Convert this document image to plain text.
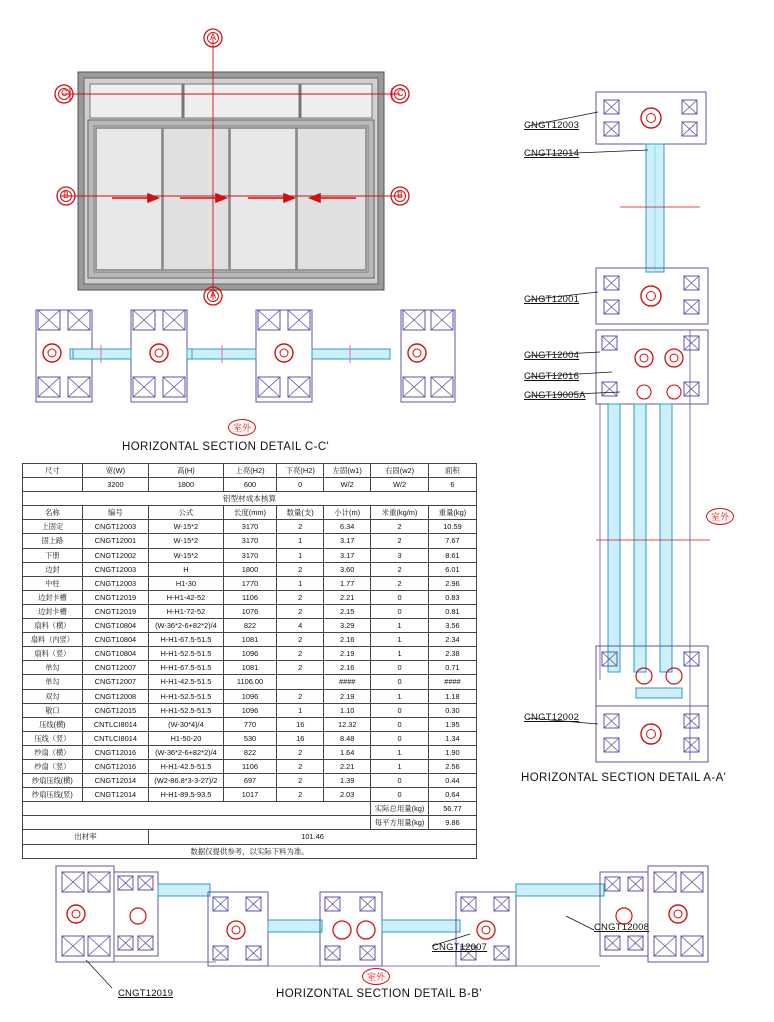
A
A
B	B
C	C
CNGT12003
CNGT12014
CNGT12001
CNGT12004
CNGT12016
CNGT19005A
CNGT12002
CNGT12019
CNGT12007
CNGT12008
室外
室外
室外
HORIZONTAL SECTION DETAIL C-C'
HORIZONTAL SECTION DETAIL A-A'
HORIZONTAL SECTION DETAIL B-B'
尺寸	宽(W)	高(H)	上亮(H2)	下亮(H2)	左固(w1)	右固(w2)	面积
	3200	1800	600	0	W/2	W/2	6
铝型材成本核算							
名称	编号	公式	长度(mm)	数量(支)	小计(m)	米重(kg/m)	重量(kg)
上固定	CNGT12003	W-15*2	3170	2	6.34	2	10.59
固上路	CNGT12001	W-15*2	3170	1	3.17	2	7.67
下册	CNGT12002	W-15*2	3170	1	3.17	3	8.61
边封	CNGT12003	H	1800	2	3.60	2	6.01
中柱	CNGT12003	H1-30	1770	1	1.77	2	2.96
边封卡槽	CNGT12019	H-H1-42-52	1106	2	2.21	0	0.83
边封卡槽	CNGT12019	H-H1-72-52	1076	2	2.15	0	0.81
扇料（横）	CNGT10804	(W-36*2-6+82*2)/4	822	4	3.29	1	3.56
扇料（内竖）	CNGT10804	H-H1-67.5-51.5	1081	2	2.16	1	2.34
扇料（竖）	CNGT10804	H-H1-52.5-51.5	1096	2	2.19	1	2.38
单勾	CNGT12007	H-H1-67.5-51.5	1081	2	2.16	0	0.71
单勾	CNGT12007	H-H1-42.5-51.5	1106.00		####	0	####
双勾	CNGT12008	H-H1-52.5-51.5	1096	2	2.19	1	1.18
敬口	CNGT12015	H-H1-52.5-51.5	1096	1	1.10	0	0.30
压线(横)	CNTLCI8014	(W-30*4)/4	770	16	12.32	0	1.95
压线（竖）	CNTLCI8014	H1-50-20	530	16	8.48	0	1.34
纱扇（横）	CNGT12016	(W-36*2-6+82*2)/4	822	2	1.64	1	1.90
纱扇（竖）	CNGT12016	H-H1-42.5-51.5	1106	2	2.21	1	2.56
纱扇压线(横)	CNGT12014	(W2-86.8*3-3-27)/2	697	2	1.39	0	0.44
纱扇压线(竖)	CNGT12014	H-H1-89.5-93.5	1017	2	2.03	0	0.64
						实际总用量(kg)	56.77
						每平方用量(kg)	9.86
出材率		101.46					
数据仅提供参考，以实际下料为准。							
